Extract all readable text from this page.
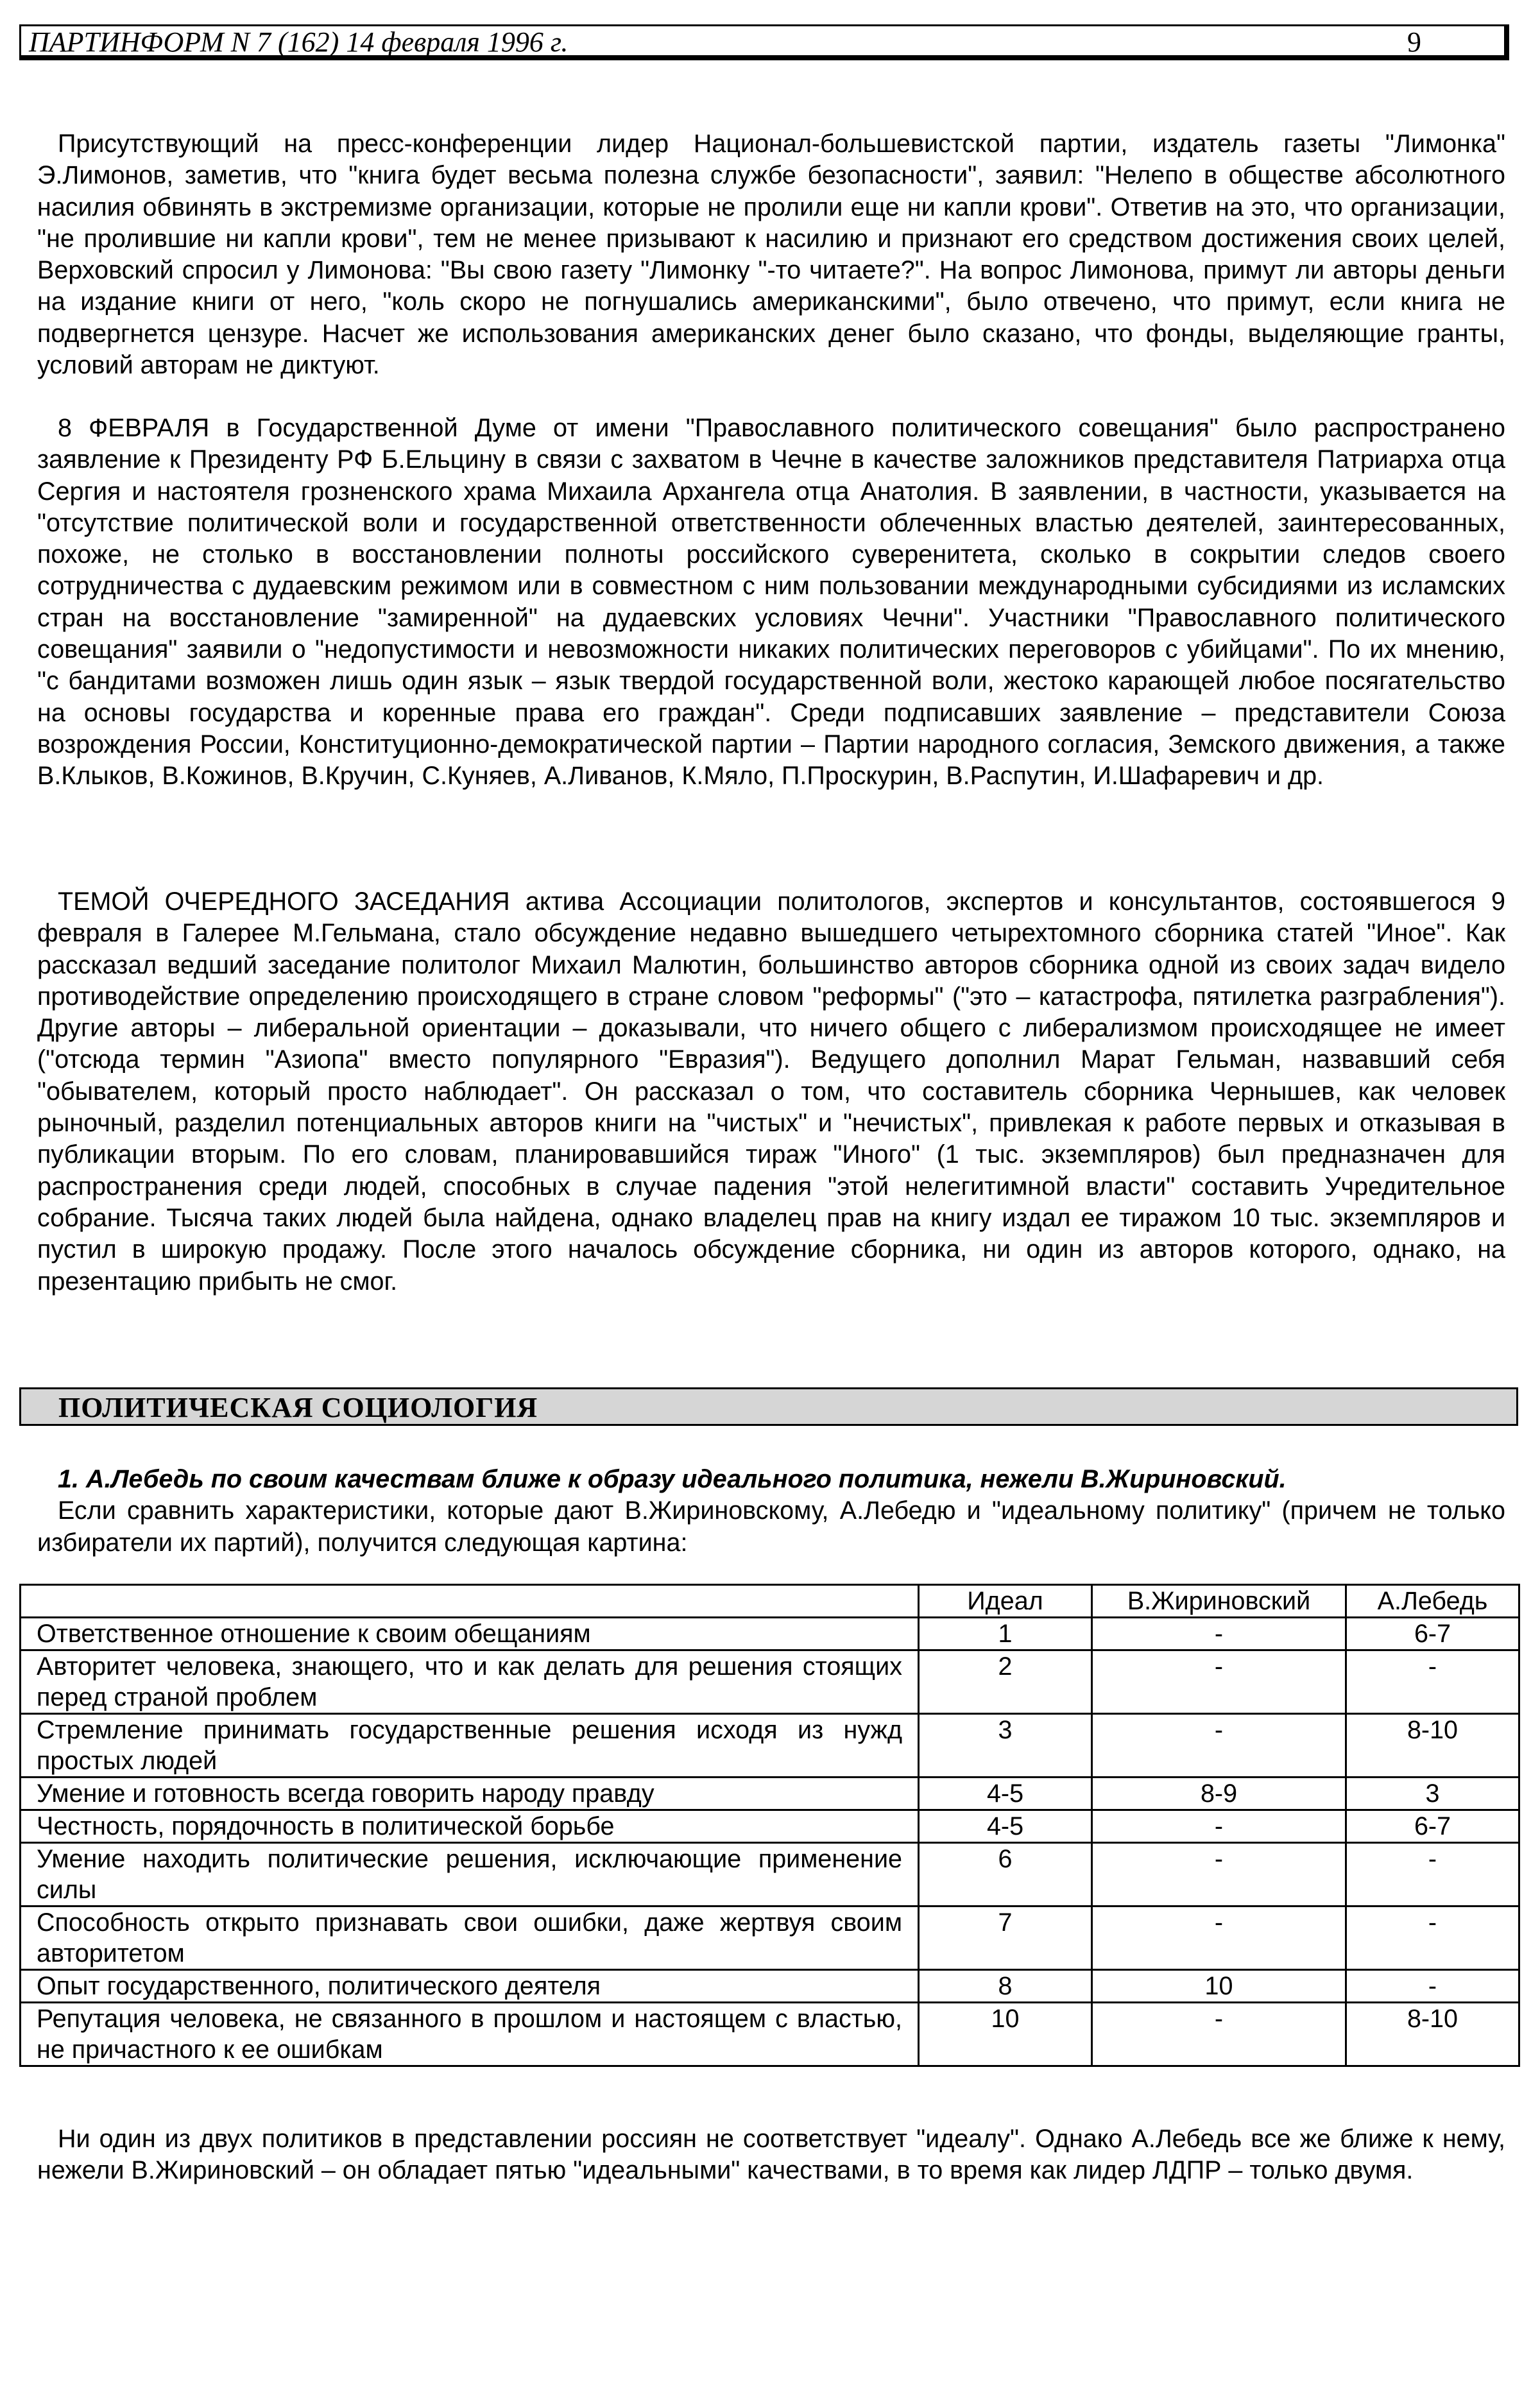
ПАРТИНФОРМ N 7 (162) 14 февраля 1996 г.	9

Присутствующий на пресс-конференции лидер Национал-большевистской партии, издатель газеты "Лимонка" Э.Лимонов, заметив, что "книга будет весьма полезна службе безопасности", заявил: "Нелепо в обществе абсолютного насилия обвинять в экстремизме организации, которые не пролили еще ни капли крови". Ответив на это, что организации, "не пролившие ни капли крови", тем не менее призывают к насилию и признают его средством достижения своих целей, Верховский спросил у Лимонова: "Вы свою газету "Лимонку "-то читаете?". На вопрос Лимонова, примут ли авторы деньги на издание книги от него, "коль скоро не погнушались американскими", было отвечено, что примут, если книга не подвергнется цензуре. Насчет же использования американских денег было сказано, что фонды, выделяющие гранты, условий авторам не диктуют.

8 ФЕВРАЛЯ в Государственной Думе от имени "Православного политического совещания" было распространено заявление к Президенту РФ Б.Ельцину в связи с захватом в Чечне в качестве заложников представителя Патриарха отца Сергия и настоятеля грозненского храма Михаила Архангела отца Анатолия. В заявлении, в частности, указывается на "отсутствие политической воли и государственной ответственности облеченных властью деятелей, заинтересованных, похоже, не столько в восстановлении полноты российского суверенитета, сколько в сокрытии следов своего сотрудничества с дудаевским режимом или в совместном с ним пользовании международными субсидиями из исламских стран на восстановление "замиренной" на дудаевских условиях Чечни". Участники "Православного политического совещания" заявили о "недопустимости и невозможности никаких политических переговоров с убийцами". По их мнению, "с бандитами возможен лишь один язык – язык твердой государственной воли, жестоко карающей любое посягательство на основы государства и коренные права его граждан". Среди подписавших заявление – представители Союза возрождения России, Конституционно-демократической партии – Партии народного согласия, Земского движения, а также В.Клыков, В.Кожинов, В.Кручин, С.Куняев, А.Ливанов, К.Мяло, П.Проскурин, В.Распутин, И.Шафаревич и др.

ТЕМОЙ ОЧЕРЕДНОГО ЗАСЕДАНИЯ актива Ассоциации политологов, экспертов и консультантов, состоявшегося 9 февраля в Галерее М.Гельмана, стало обсуждение недавно вышедшего четырехтомного сборника статей "Иное". Как рассказал ведший заседание политолог Михаил Малютин, большинство авторов сборника одной из своих задач видело противодействие определению происходящего в стране словом "реформы" ("это – катастрофа, пятилетка разграбления"). Другие авторы – либеральной ориентации – доказывали, что ничего общего с либерализмом происходящее не имеет ("отсюда термин "Азиопа" вместо популярного "Евразия"). Ведущего дополнил Марат Гельман, назвавший себя "обывателем, который просто наблюдает". Он рассказал о том, что составитель сборника Чернышев, как человек рыночный, разделил потенциальных авторов книги на "чистых" и "нечистых", привлекая к работе первых и отказывая в публикации вторым. По его словам, планировавшийся тираж "Иного" (1 тыс. экземпляров) был предназначен для распространения среди людей, способных в случае падения "этой нелегитимной власти" составить Учредительное собрание. Тысяча таких людей была найдена, однако владелец прав на книгу издал ее тиражом 10 тыс. экземпляров и пустил в широкую продажу. После этого началось обсуждение сборника, ни один из авторов которого, однако, на презентацию прибыть не смог.

ПОЛИТИЧЕСКАЯ СОЦИОЛОГИЯ

1. А.Лебедь по своим качествам ближе к образу идеального политика, нежели В.Жириновский.

Если сравнить характеристики, которые дают В.Жириновскому, А.Лебедю и "идеальному политику" (причем не только избиратели их партий), получится следующая картина:

	Идеал	В.Жириновский	А.Лебедь
Ответственное отношение к своим обещаниям	1	-	6-7
Авторитет человека, знающего, что и как делать для решения стоящих перед страной проблем	2	-	-
Стремление принимать государственные решения исходя из нужд простых людей	3	-	8-10
Умение и готовность всегда говорить народу правду	4-5	8-9	3
Честность, порядочность в политической борьбе	4-5	-	6-7
Умение находить политические решения, исключающие применение силы	6	-	-
Способность открыто признавать свои ошибки, даже жертвуя своим авторитетом	7	-	-
Опыт государственного, политического деятеля	8	10	-
Репутация человека, не связанного в прошлом и настоящем с властью, не причастного к ее ошибкам	10	-	8-10

Ни один из двух политиков в представлении россиян не соответствует "идеалу". Однако А.Лебедь все же ближе к нему, нежели В.Жириновский – он обладает пятью "идеальными" качествами, в то время как лидер ЛДПР – только двумя.
